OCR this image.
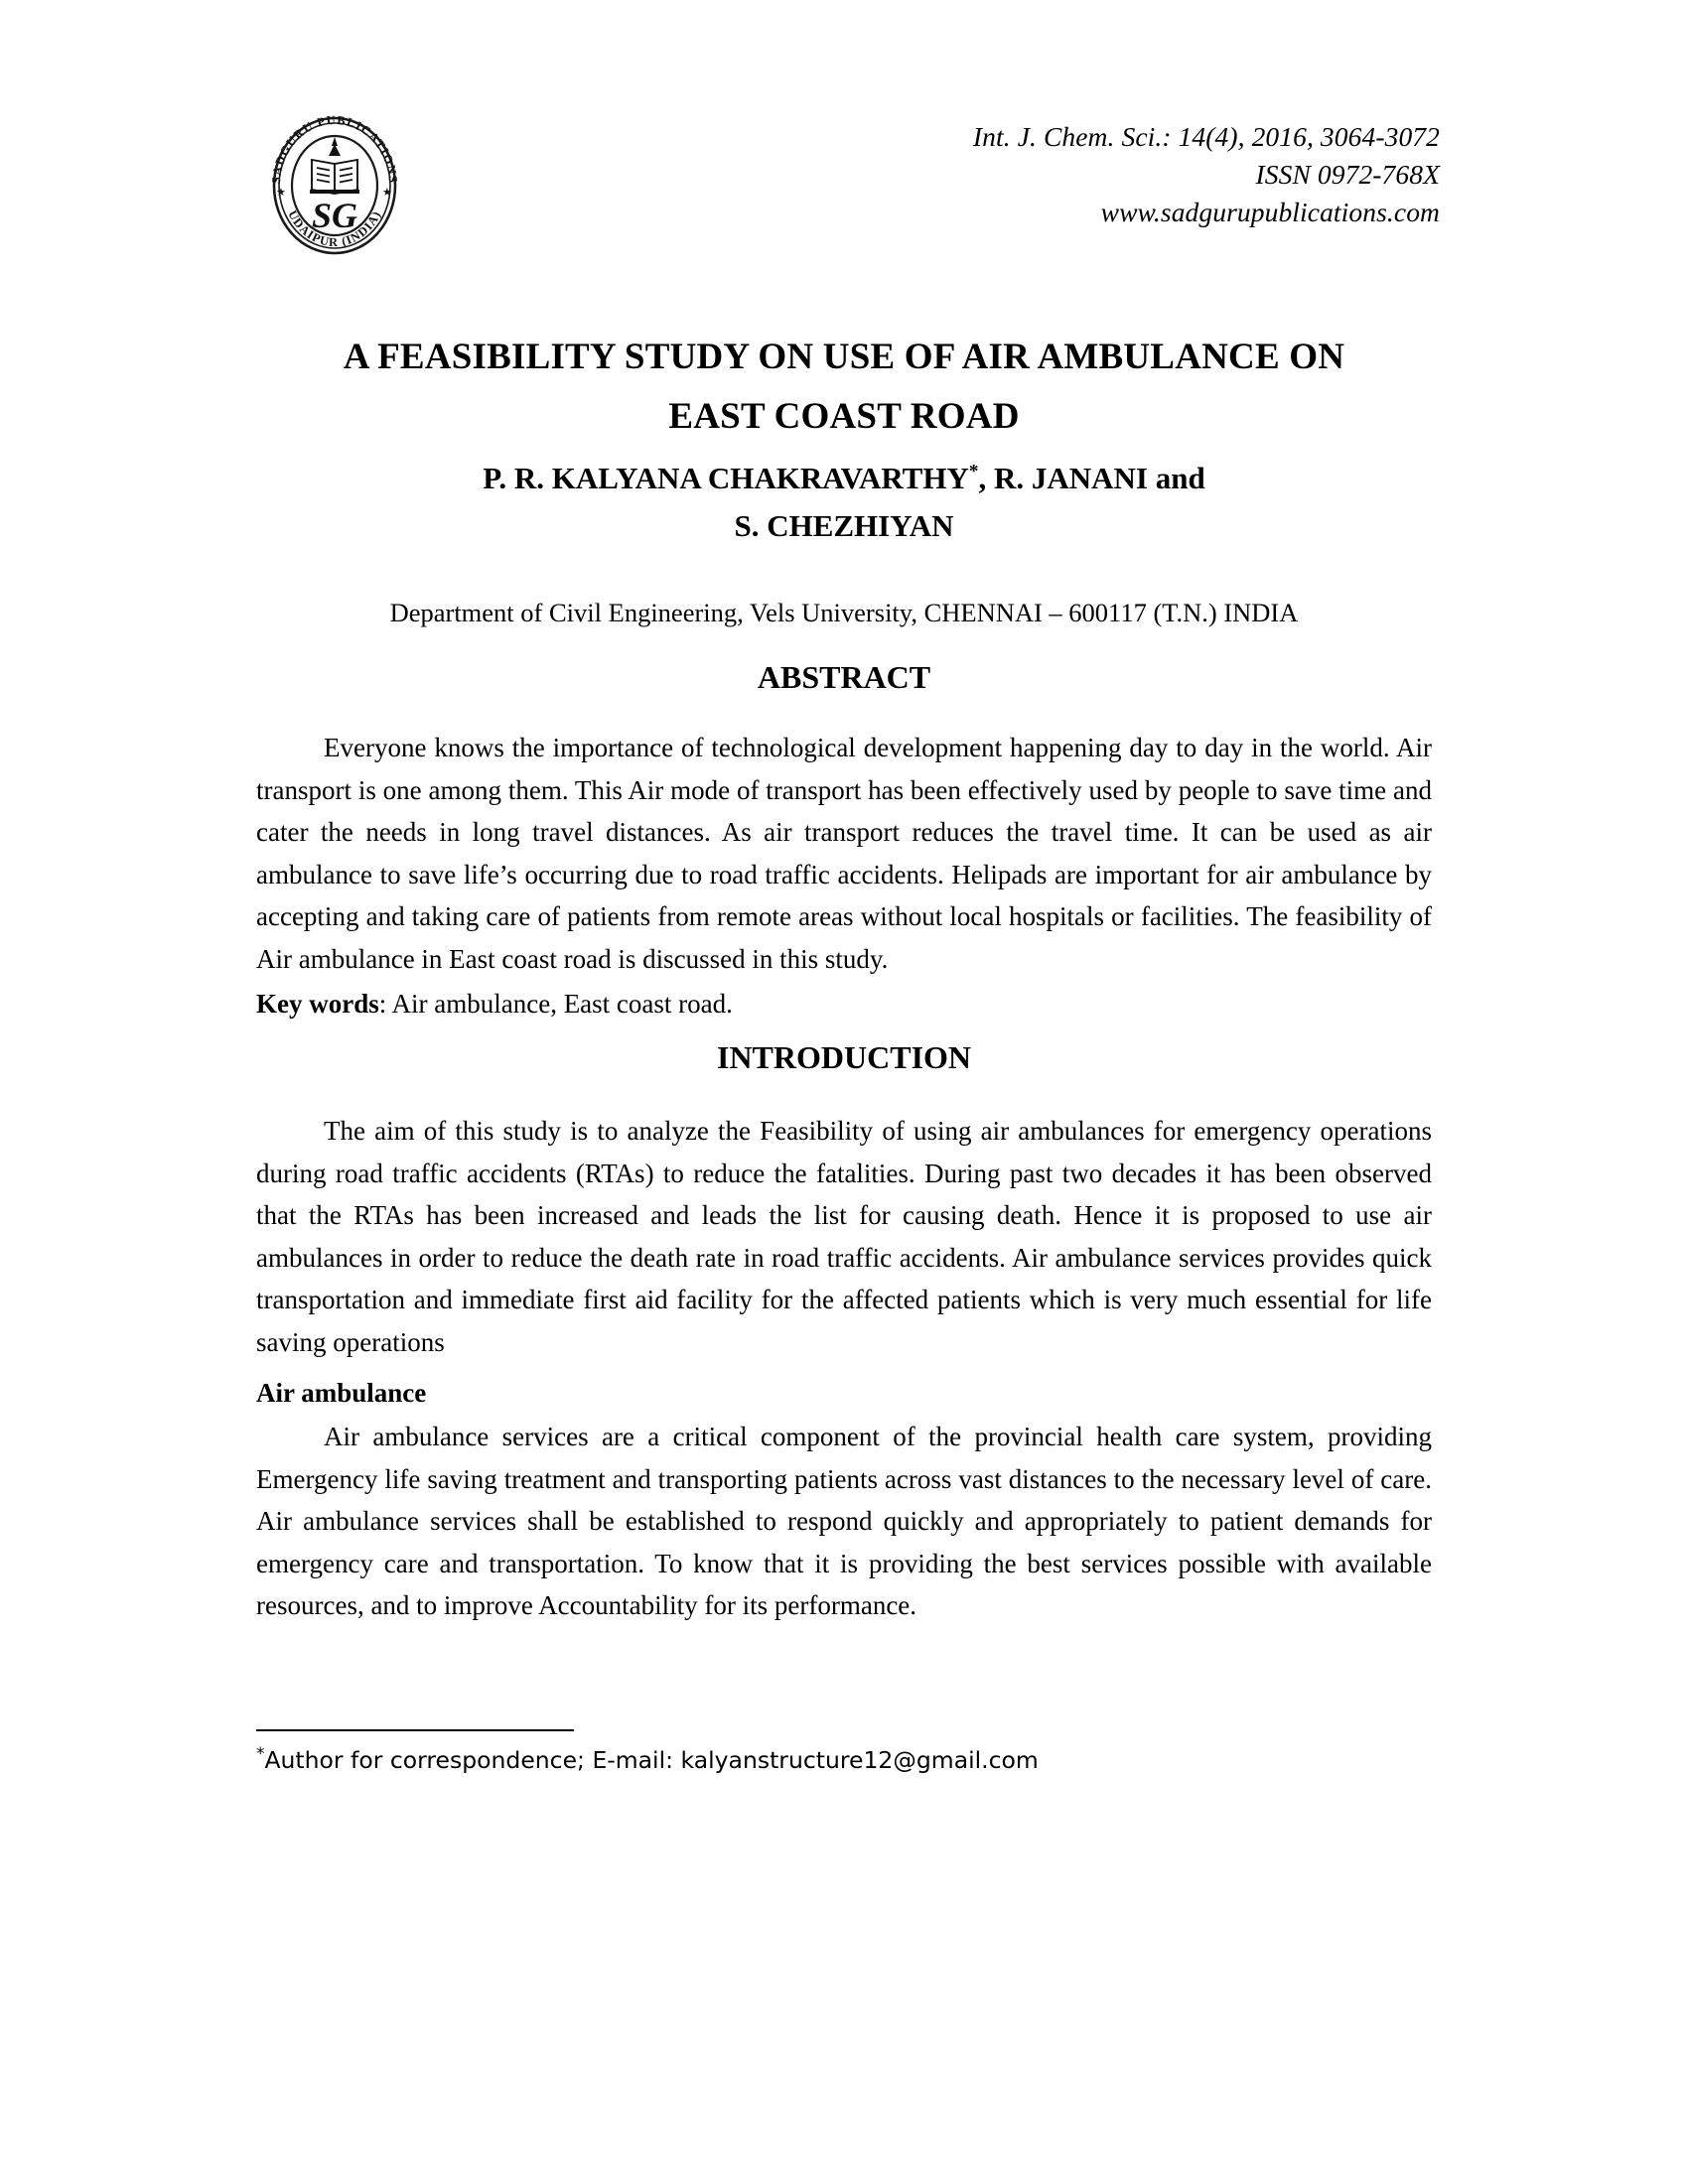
SADGURU PUBLICATIONS
UDAIPUR (INDIA)
★	★
SG
Int. J. Chem. Sci.: 14(4), 2016, 3064-3072
ISSN 0972-768X
www.sadgurupublications.com
A FEASIBILITY STUDY ON USE OF AIR AMBULANCE ON
EAST COAST ROAD
P. R. KALYANA CHAKRAVARTHY*, R. JANANI and
S. CHEZHIYAN
Department of Civil Engineering, Vels University, CHENNAI – 600117 (T.N.) INDIA
ABSTRACT
Everyone knows the importance of technological development happening day to day in the world. Air transport is one among them. This Air mode of transport has been effectively used by people to save time and cater the needs in long travel distances. As air transport reduces the travel time. It can be used as air ambulance to save life’s occurring due to road traffic accidents. Helipads are important for air ambulance by accepting and taking care of patients from remote areas without local hospitals or facilities. The feasibility of Air ambulance in East coast road is discussed in this study.
Key words: Air ambulance, East coast road.
INTRODUCTION
The aim of this study is to analyze the Feasibility of using air ambulances for emergency operations during road traffic accidents (RTAs) to reduce the fatalities. During past two decades it has been observed that the RTAs has been increased and leads the list for causing death. Hence it is proposed to use air ambulances in order to reduce the death rate in road traffic accidents. Air ambulance services provides quick transportation and immediate first aid facility for the affected patients which is very much essential for life saving operations
Air ambulance
Air ambulance services are a critical component of the provincial health care system, providing Emergency life saving treatment and transporting patients across vast distances to the necessary level of care. Air ambulance services shall be established to respond quickly and appropriately to patient demands for emergency care and transportation. To know that it is providing the best services possible with available resources, and to improve Accountability for its performance.
*Author for correspondence; E-mail: kalyanstructure12@gmail.com
